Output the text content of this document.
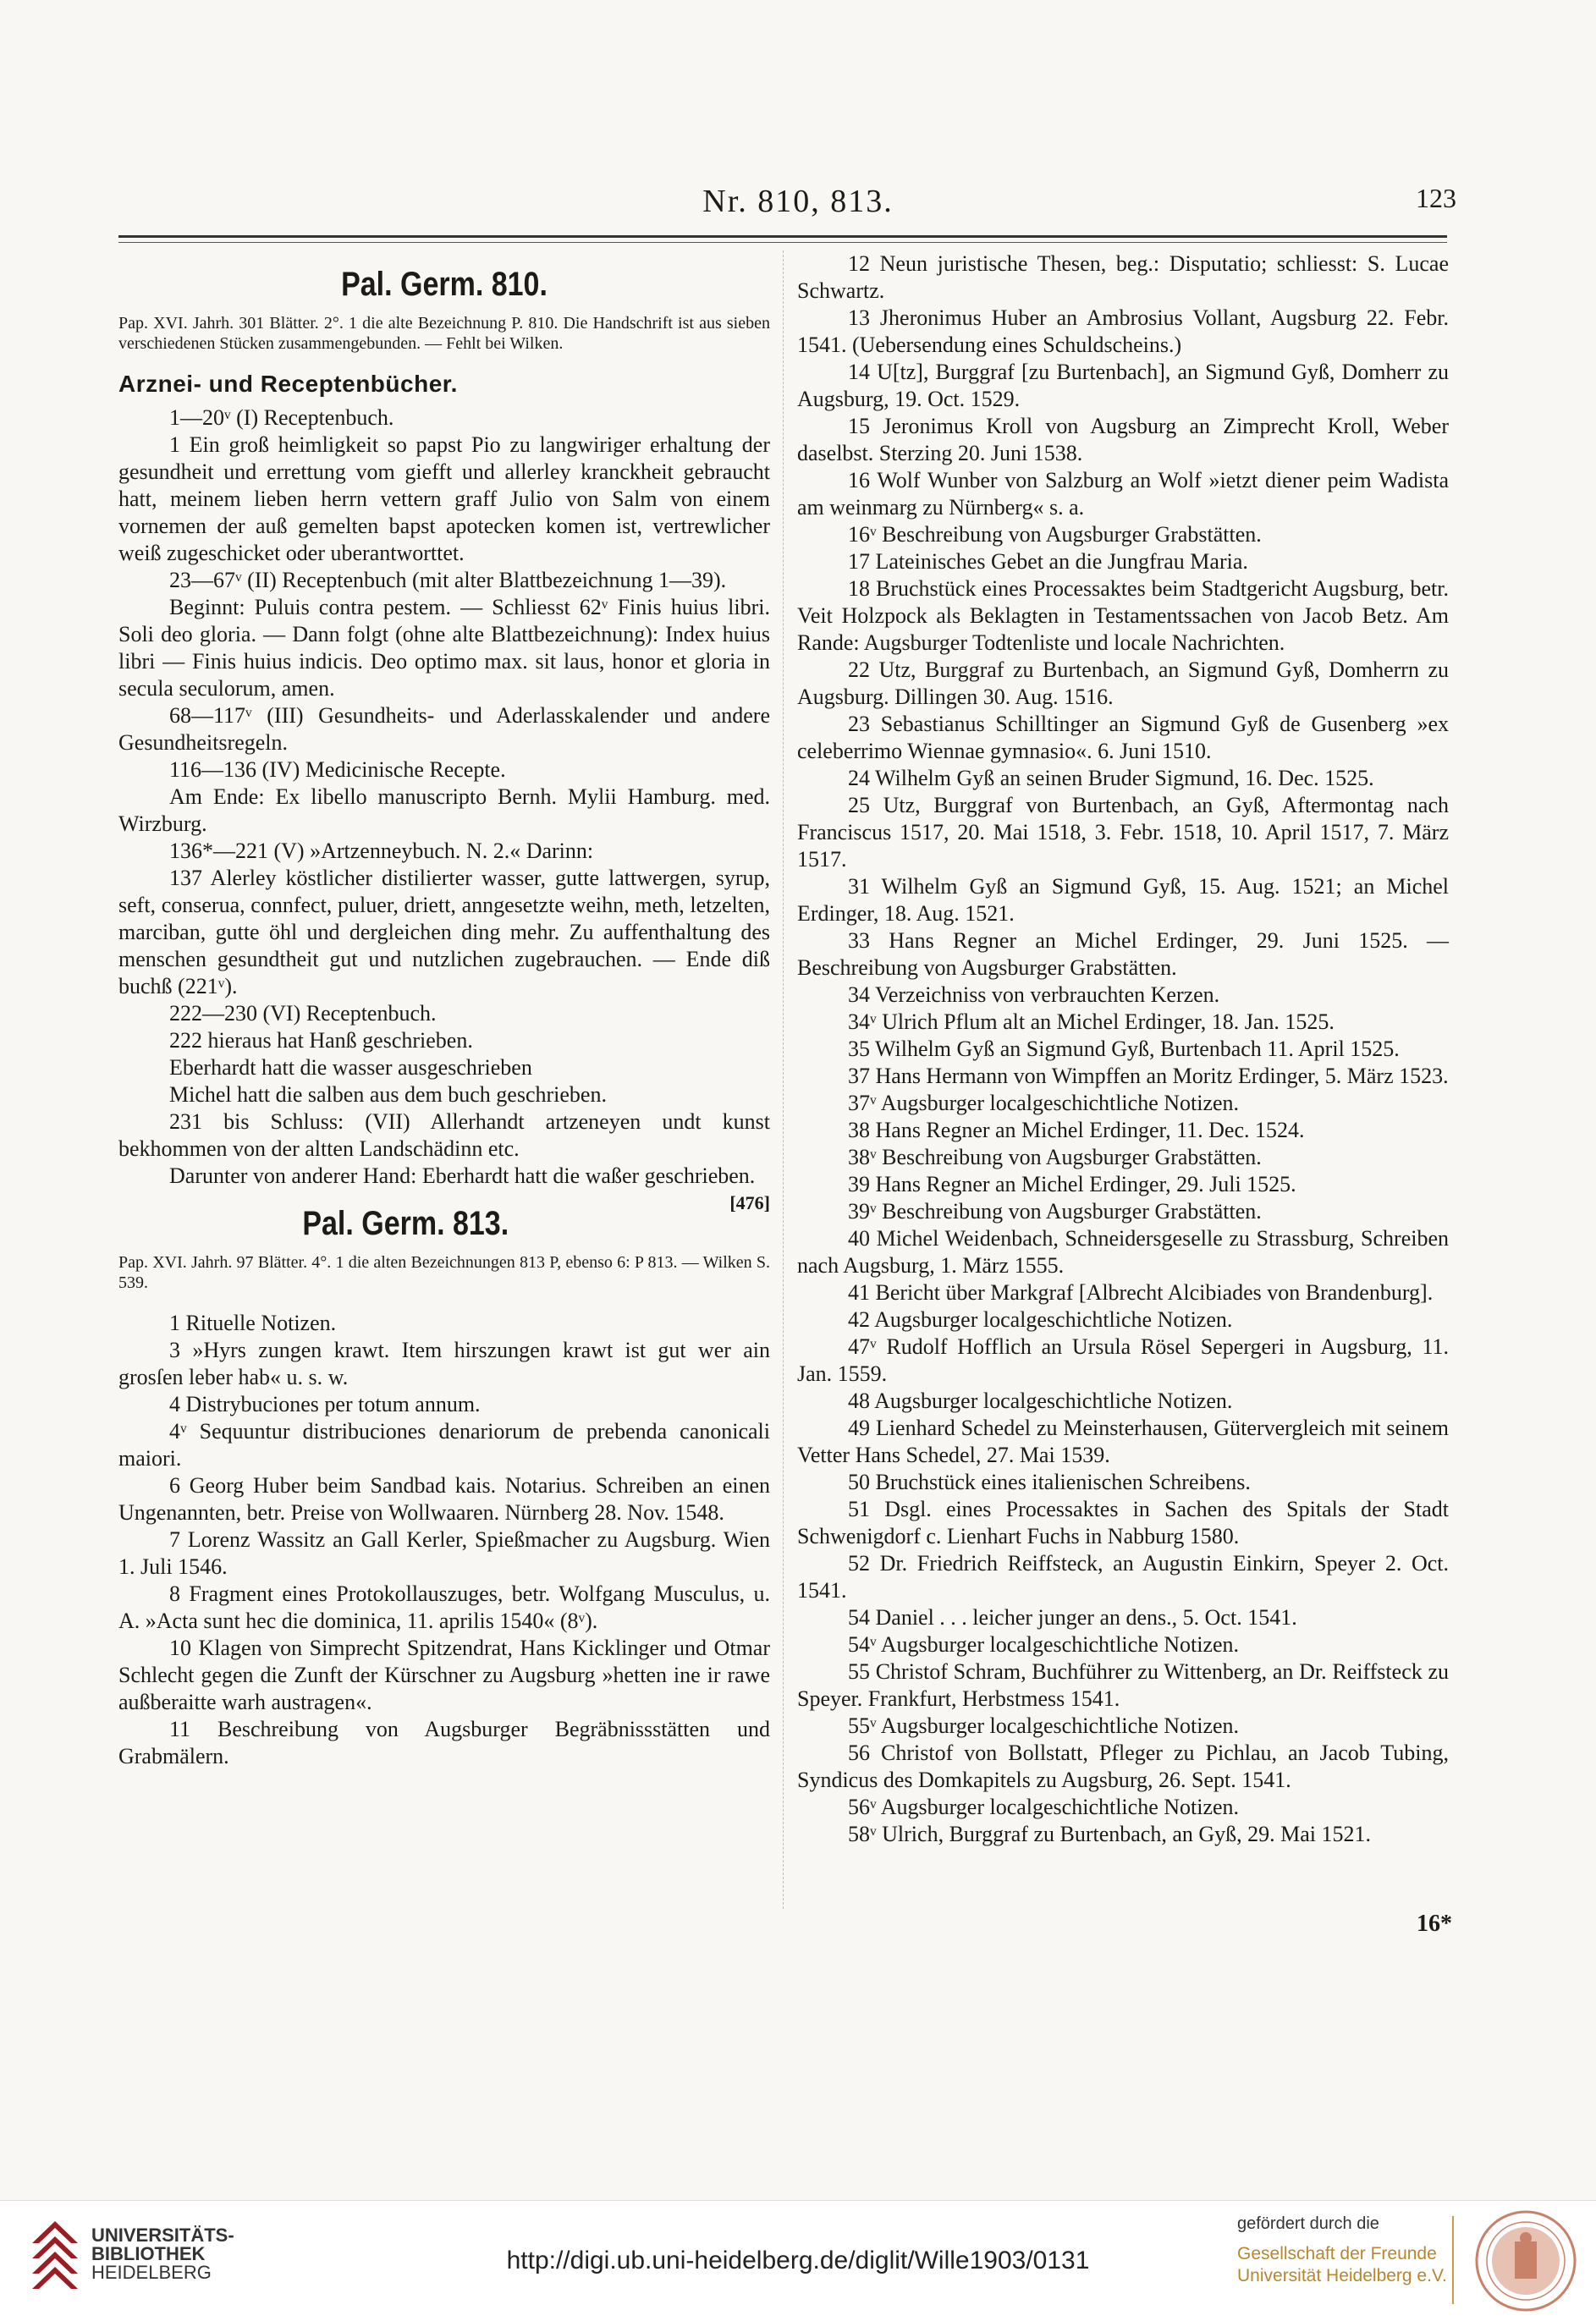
Nr. 810, 813.	123
Pal. Germ. 810.
Pap. XVI. Jahrh. 301 Blätter. 2°. 1 die alte Bezeichnung P. 810. Die Handschrift ist aus sieben verschiedenen Stücken zusammengebunden. — Fehlt bei Wilken.
Arznei- und Receptenbücher.

1—20ᵛ (I) Receptenbuch.

1 Ein groß heimligkeit so papst Pio zu langwiriger erhaltung der gesundheit und errettung vom giefft und allerley kranckheit gebraucht hatt, meinem lieben herrn vettern graff Julio von Salm von einem vornemen der auß gemelten bapst apotecken komen ist, vertrewlicher weiß zugeschicket oder uberantworttet.

23—67ᵛ (II) Receptenbuch (mit alter Blattbezeichnung 1—39).

Beginnt: Puluis contra pestem. — Schliesst 62ᵛ Finis huius libri. Soli deo gloria. — Dann folgt (ohne alte Blattbezeichnung): Index huius libri — Finis huius indicis. Deo optimo max. sit laus, honor et gloria in secula seculorum, amen.

68—117ᵛ (III) Gesundheits- und Aderlasskalender und andere Gesundheitsregeln.

116—136 (IV) Medicinische Recepte.

Am Ende: Ex libello manuscripto Bernh. Mylii Hamburg. med. Wirzburg.

136*—221 (V) »Artzenneybuch. N. 2.« Darinn:

137 Alerley köstlicher distilierter wasser, gutte lattwergen, syrup, seft, conserua, connfect, puluer, driett, anngesetzte weihn, meth, letzelten, marciban, gutte öhl und dergleichen ding mehr. Zu auffenthaltung des menschen gesundtheit gut und nutzlichen zugebrauchen. — Ende diß buchß (221ᵛ).

222—230 (VI) Receptenbuch.

222 hieraus hat Hanß geschrieben.

Eberhardt hatt die wasser ausgeschrieben

Michel hatt die salben aus dem buch geschrieben.

231 bis Schluss: (VII) Allerhandt artzeneyen undt kunst bekhommen von der altten Landschädinn etc.

Darunter von anderer Hand: Eberhardt hatt die waßer geschrieben.
[476]

Pal. Germ. 813.
Pap. XVI. Jahrh. 97 Blätter. 4°. 1 die alten Bezeichnungen 813 P, ebenso 6: P 813. — Wilken S. 539.

1 Rituelle Notizen.

3 »Hyrs zungen krawt. Item hirszungen krawt ist gut wer ain grosſen leber hab« u. s. w.

4 Distrybuciones per totum annum.

4ᵛ Sequuntur distribuciones denariorum de prebenda canonicali maiori.

6 Georg Huber beim Sandbad kais. Notarius. Schreiben an einen Ungenannten, betr. Preise von Wollwaaren. Nürnberg 28. Nov. 1548.

7 Lorenz Wassitz an Gall Kerler, Spießmacher zu Augsburg. Wien 1. Juli 1546.

8 Fragment eines Protokollauszuges, betr. Wolfgang Musculus, u. A. »Acta sunt hec die dominica, 11. aprilis 1540« (8ᵛ).

10 Klagen von Simprecht Spitzendrat, Hans Kicklinger und Otmar Schlecht gegen die Zunft der Kürschner zu Augsburg »hetten ine ir rawe außberaitte warh austragen«.

11 Beschreibung von Augsburger Begräbnissstätten und Grabmälern.

12 Neun juristische Thesen, beg.: Disputatio; schliesst: S. Lucae Schwartz.

13 Jheronimus Huber an Ambrosius Vollant, Augsburg 22. Febr. 1541. (Uebersendung eines Schuldscheins.)

14 U[tz], Burggraf [zu Burtenbach], an Sigmund Gyß, Domherr zu Augsburg, 19. Oct. 1529.

15 Jeronimus Kroll von Augsburg an Zimprecht Kroll, Weber daselbst. Sterzing 20. Juni 1538.

16 Wolf Wunber von Salzburg an Wolf »ietzt diener peim Wadista am weinmarg zu Nürnberg« s. a.

16ᵛ Beschreibung von Augsburger Grabstätten.

17 Lateinisches Gebet an die Jungfrau Maria.

18 Bruchstück eines Processaktes beim Stadtgericht Augsburg, betr. Veit Holzpock als Beklagten in Testamentssachen von Jacob Betz. Am Rande: Augsburger Todtenliste und locale Nachrichten.

22 Utz, Burggraf zu Burtenbach, an Sigmund Gyß, Domherrn zu Augsburg. Dillingen 30. Aug. 1516.

23 Sebastianus Schilltinger an Sigmund Gyß de Gusenberg »ex celeberrimo Wiennae gymnasio«. 6. Juni 1510.

24 Wilhelm Gyß an seinen Bruder Sigmund, 16. Dec. 1525.

25 Utz, Burggraf von Burtenbach, an Gyß, Aftermontag nach Franciscus 1517, 20. Mai 1518, 3. Febr. 1518, 10. April 1517, 7. März 1517.

31 Wilhelm Gyß an Sigmund Gyß, 15. Aug. 1521; an Michel Erdinger, 18. Aug. 1521.

33 Hans Regner an Michel Erdinger, 29. Juni 1525. — Beschreibung von Augsburger Grabstätten.

34 Verzeichniss von verbrauchten Kerzen.

34ᵛ Ulrich Pflum alt an Michel Erdinger, 18. Jan. 1525.

35 Wilhelm Gyß an Sigmund Gyß, Burtenbach 11. April 1525.

37 Hans Hermann von Wimpffen an Moritz Erdinger, 5. März 1523.

37ᵛ Augsburger localgeschichtliche Notizen.

38 Hans Regner an Michel Erdinger, 11. Dec. 1524.

38ᵛ Beschreibung von Augsburger Grabstätten.

39 Hans Regner an Michel Erdinger, 29. Juli 1525.

39ᵛ Beschreibung von Augsburger Grabstätten.

40 Michel Weidenbach, Schneidersgeselle zu Strassburg, Schreiben nach Augsburg, 1. März 1555.

41 Bericht über Markgraf [Albrecht Alcibiades von Brandenburg].

42 Augsburger localgeschichtliche Notizen.

47ᵛ Rudolf Hofflich an Ursula Rösel Sepergeri in Augsburg, 11. Jan. 1559.

48 Augsburger localgeschichtliche Notizen.

49 Lienhard Schedel zu Meinsterhausen, Gütervergleich mit seinem Vetter Hans Schedel, 27. Mai 1539.

50 Bruchstück eines italienischen Schreibens.

51 Dsgl. eines Processaktes in Sachen des Spitals der Stadt Schwenigdorf c. Lienhart Fuchs in Nabburg 1580.

52 Dr. Friedrich Reiffsteck, an Augustin Einkirn, Speyer 2. Oct. 1541.

54 Daniel . . . leicher junger an dens., 5. Oct. 1541.

54ᵛ Augsburger localgeschichtliche Notizen.

55 Christof Schram, Buchführer zu Wittenberg, an Dr. Reiffsteck zu Speyer. Frankfurt, Herbstmess 1541.

55ᵛ Augsburger localgeschichtliche Notizen.

56 Christof von Bollstatt, Pfleger zu Pichlau, an Jacob Tubing, Syndicus des Domkapitels zu Augsburg, 26. Sept. 1541.

56ᵛ Augsburger localgeschichtliche Notizen.

58ᵛ Ulrich, Burggraf zu Burtenbach, an Gyß, 29. Mai 1521.

16*
UNIVERSITÄTS-
BIBLIOTHEK
HEIDELBERG	http://digi.ub.uni-heidelberg.de/diglit/Wille1903/0131
gefördert durch die
Gesellschaft der Freunde
Universität Heidelberg e.V.
